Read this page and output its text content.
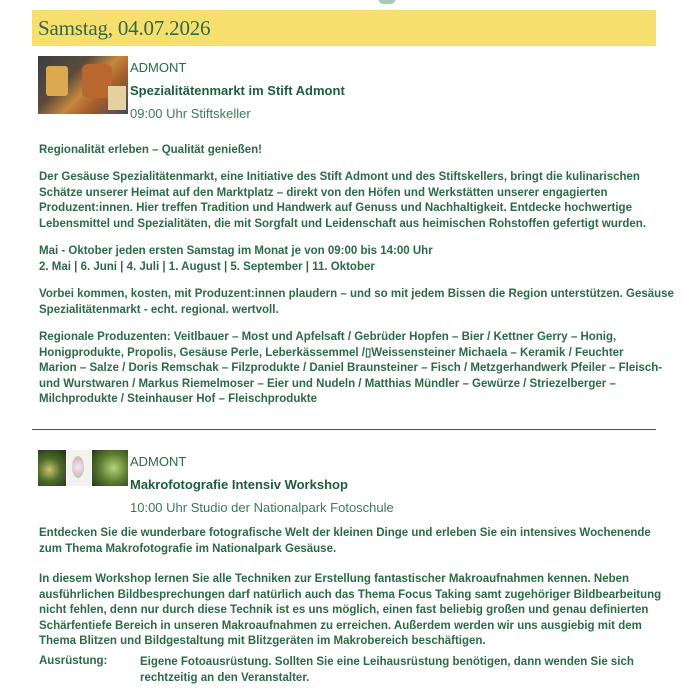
Samstag, 04.07.2026
ADMONT
Spezialitätenmarkt im Stift Admont
09:00 Uhr Stiftskeller
Regionalität erleben – Qualität genießen!
Der Gesäuse Spezialitätenmarkt, eine Initiative des Stift Admont und des Stiftskellers, bringt die kulinarischen
Schätze unserer Heimat auf den Marktplatz – direkt von den Höfen und Werkstätten unserer engagierten
Produzent:innen. Hier treffen Tradition und Handwerk auf Genuss und Nachhaltigkeit. Entdecke hochwertige
Lebensmittel und Spezialitäten, die mit Sorgfalt und Leidenschaft aus heimischen Rohstoffen gefertigt wurden.
Mai - Oktober jeden ersten Samstag im Monat je von 09:00 bis 14:00 Uhr
2. Mai | 6. Juni | 4. Juli | 1. August | 5. September | 11. Oktober
Vorbei kommen, kosten, mit Produzent:innen plaudern – und so mit jedem Bissen die Region unterstützen. Gesäuse
Spezialitätenmarkt - echt. regional. wertvoll.
Regionale Produzenten: Veitlbauer – Most und Apfelsaft / Gebrüder Hopfen – Bier / Kettner Gerry – Honig,
Honigprodukte, Propolis, Gesäuse Perle, Leberkässemmel /▯Weissensteiner Michaela – Keramik / Feuchter
Marion – Salze / Doris Remschak – Filzprodukte / Daniel Braunsteiner – Fisch / Metzgerhandwerk Pfeiler – Fleisch-
und Wurstwaren / Markus Riemelmoser – Eier und Nudeln / Matthias Mündler – Gewürze / Striezelberger –
Milchprodukte / Steinhauser Hof – Fleischprodukte
ADMONT
Makrofotografie Intensiv Workshop
10:00 Uhr Studio der Nationalpark Fotoschule
Entdecken Sie die wunderbare fotografische Welt der kleinen Dinge und erleben Sie ein intensives Wochenende
zum Thema Makrofotografie im Nationalpark Gesäuse.
In diesem Workshop lernen Sie alle Techniken zur Erstellung fantastischer Makroaufnahmen kennen. Neben
ausführlichen Bildbesprechungen darf natürlich auch das Thema Focus Taking samt zugehöriger Bildbearbeitung
nicht fehlen, denn nur durch diese Technik ist es uns möglich, einen fast beliebig großen und genau definierten
Schärfentiefe Bereich in unseren Makroaufnahmen zu erreichen. Außerdem werden wir uns ausgiebig mit dem
Thema Blitzen und Bildgestaltung mit Blitzgeräten im Makrobereich beschäftigen.
Ausrüstung:	Eigene Fotoausrüstung. Sollten Sie eine Leihausrüstung benötigen, dann wenden Sie sich
rechtzeitig an den Veranstalter.
